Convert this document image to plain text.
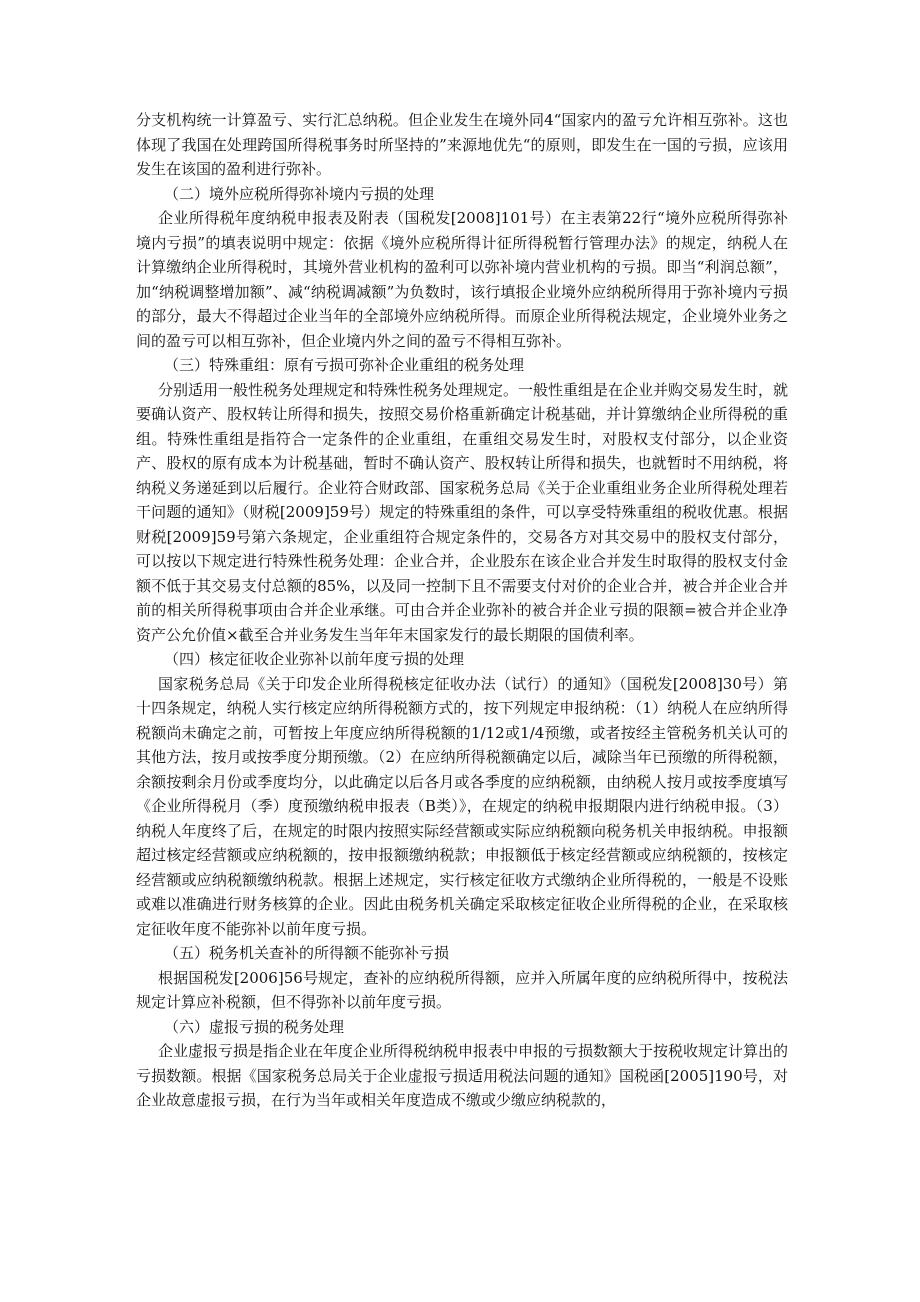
分支机构统一计算盈亏、实行汇总纳税。但企业发生在境外同4“国家内的盈亏允许相互弥补。这也体现了我国在处理跨国所得税事务时所坚持的”来源地优先“的原则，即发生在一国的亏损，应该用发生在该国的盈利进行弥补。

（二）境外应税所得弥补境内亏损的处理

企业所得税年度纳税申报表及附表（国税发[2008]101号）在主表第22行“境外应税所得弥补境内亏损”的填表说明中规定：依据《境外应税所得计征所得税暂行管理办法》的规定，纳税人在计算缴纳企业所得税时，其境外营业机构的盈利可以弥补境内营业机构的亏损。即当“利润总额”，加“纳税调整增加额”、减“纳税调减额”为负数时，该行填报企业境外应纳税所得用于弥补境内亏损的部分，最大不得超过企业当年的全部境外应纳税所得。而原企业所得税法规定，企业境外业务之间的盈亏可以相互弥补，但企业境内外之间的盈亏不得相互弥补。

（三）特殊重组：原有亏损可弥补企业重组的税务处理

分别适用一般性税务处理规定和特殊性税务处理规定。一般性重组是在企业并购交易发生时，就要确认资产、股权转让所得和损失，按照交易价格重新确定计税基础，并计算缴纳企业所得税的重组。特殊性重组是指符合一定条件的企业重组，在重组交易发生时，对股权支付部分，以企业资产、股权的原有成本为计税基础，暂时不确认资产、股权转让所得和损失，也就暂时不用纳税，将纳税义务递延到以后履行。企业符合财政部、国家税务总局《关于企业重组业务企业所得税处理若干问题的通知》（财税[2009]59号）规定的特殊重组的条件，可以享受特殊重组的税收优惠。根据财税[2009]59号第六条规定，企业重组符合规定条件的，交易各方对其交易中的股权支付部分，可以按以下规定进行特殊性税务处理：企业合并，企业股东在该企业合并发生时取得的股权支付金额不低于其交易支付总额的85%，以及同一控制下且不需要支付对价的企业合并，被合并企业合并前的相关所得税事项由合并企业承继。可由合并企业弥补的被合并企业亏损的限额=被合并企业净资产公允价值×截至合并业务发生当年年末国家发行的最长期限的国债利率。

（四）核定征收企业弥补以前年度亏损的处理

国家税务总局《关于印发企业所得税核定征收办法（试行）的通知》（国税发[2008]30号）第十四条规定，纳税人实行核定应纳所得税额方式的，按下列规定申报纳税：（1）纳税人在应纳所得税额尚未确定之前，可暂按上年度应纳所得税额的1/12或1/4预缴，或者按经主管税务机关认可的其他方法，按月或按季度分期预缴。（2）在应纳所得税额确定以后，减除当年已预缴的所得税额，余额按剩余月份或季度均分，以此确定以后各月或各季度的应纳税额，由纳税人按月或按季度填写《企业所得税月（季）度预缴纳税申报表（B类）》，在规定的纳税申报期限内进行纳税申报。（3）纳税人年度终了后，在规定的时限内按照实际经营额或实际应纳税额向税务机关申报纳税。申报额超过核定经营额或应纳税额的，按申报额缴纳税款；申报额低于核定经营额或应纳税额的，按核定经营额或应纳税额缴纳税款。根据上述规定，实行核定征收方式缴纳企业所得税的，一般是不设账或难以准确进行财务核算的企业。因此由税务机关确定采取核定征收企业所得税的企业，在采取核定征收年度不能弥补以前年度亏损。

（五）税务机关查补的所得额不能弥补亏损

根据国税发[2006]56号规定，查补的应纳税所得额，应并入所属年度的应纳税所得中，按税法规定计算应补税额，但不得弥补以前年度亏损。

（六）虚报亏损的税务处理

企业虚报亏损是指企业在年度企业所得税纳税申报表中申报的亏损数额大于按税收规定计算出的亏损数额。根据《国家税务总局关于企业虚报亏损适用税法问题的通知》国税函[2005]190号，对企业故意虚报亏损，在行为当年或相关年度造成不缴或少缴应纳税款的，
